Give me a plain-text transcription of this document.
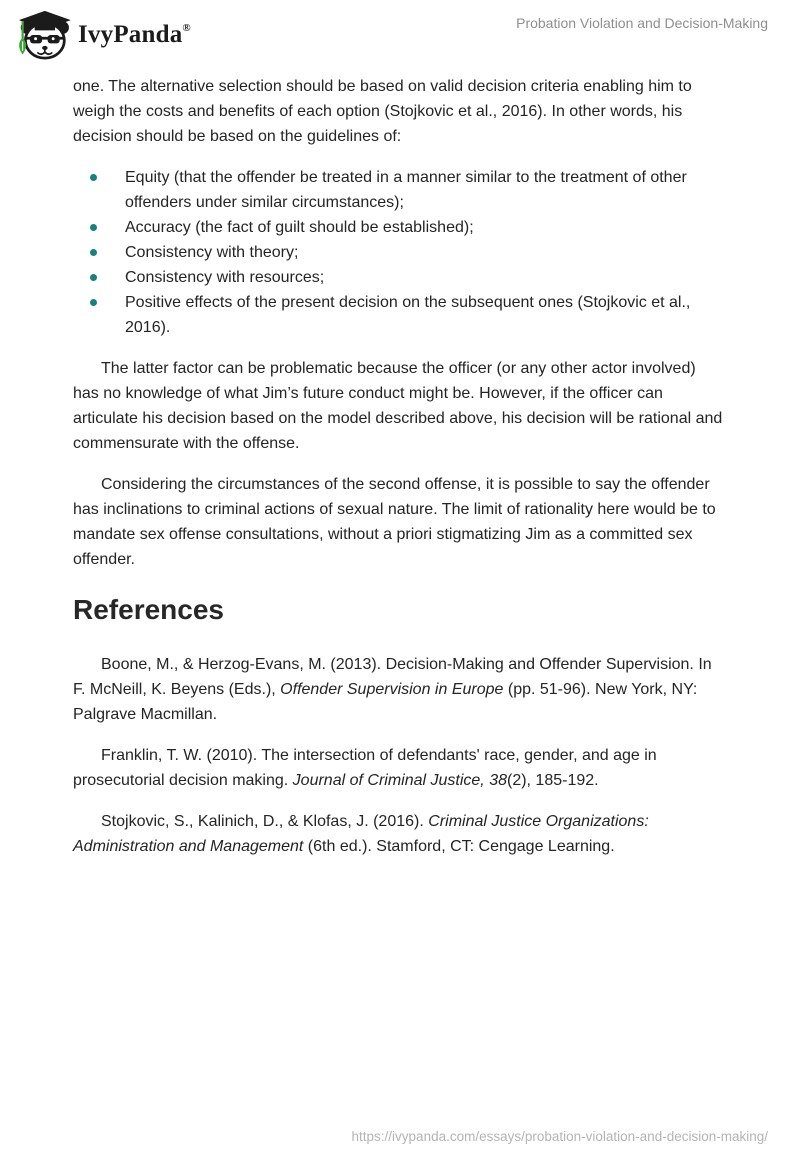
IvyPanda ®	Probation Violation and Decision-Making

one. The alternative selection should be based on valid decision criteria enabling him to weigh the costs and benefits of each option (Stojkovic et al., 2016). In other words, his decision should be based on the guidelines of:

Equity (that the offender be treated in a manner similar to the treatment of other offenders under similar circumstances);
Accuracy (the fact of guilt should be established);
Consistency with theory;
Consistency with resources;
Positive effects of the present decision on the subsequent ones (Stojkovic et al., 2016).

The latter factor can be problematic because the officer (or any other actor involved) has no knowledge of what Jim’s future conduct might be. However, if the officer can articulate his decision based on the model described above, his decision will be rational and commensurate with the offense.

Considering the circumstances of the second offense, it is possible to say the offender has inclinations to criminal actions of sexual nature. The limit of rationality here would be to mandate sex offense consultations, without a priori stigmatizing Jim as a committed sex offender.

References

Boone, M., & Herzog-Evans, M. (2013). Decision-Making and Offender Supervision. In F. McNeill, K. Beyens (Eds.), Offender Supervision in Europe (pp. 51-96). New York, NY: Palgrave Macmillan.

Franklin, T. W. (2010). The intersection of defendants' race, gender, and age in prosecutorial decision making. Journal of Criminal Justice, 38(2), 185-192.

Stojkovic, S., Kalinich, D., & Klofas, J. (2016). Criminal Justice Organizations: Administration and Management (6th ed.). Stamford, CT: Cengage Learning.

https://ivypanda.com/essays/probation-violation-and-decision-making/
